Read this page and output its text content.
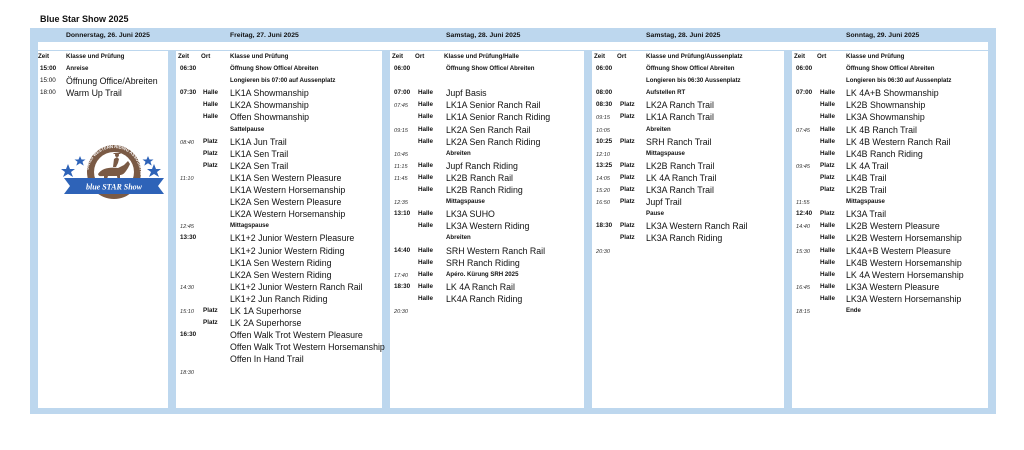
Blue Star Show 2025
Donnerstag, 26. Juni 2025	Freitag, 27. Juni 2025	Samstag, 28. Juni 2025	Samstag, 28. Juni 2025	Sonntag, 29. Juni 2025
Zeit	Klasse und Prüfung
15:00 Anreise
15:00 Öffnung Office/Abreiten
18:00 Warm Up Trail
Zeit Ort	Klasse und Prüfung
06:30	Öffnung Show Office/ Abreiten
Longieren bis 07:00 auf Aussenplatz
07:30 Halle LK1A Showmanship
Halle LK2A Showmanship
Halle Offen Showmanship
Sattelpause
08:40 Platz LK1A Jun Trail
Platz LK1A Sen Trail
Platz LK2A Sen Trail
11:10	LK1A Sen Western Pleasure
LK1A Western Horsemanship
LK2A Sen Western Pleasure
LK2A Western Horsemanship
12:45	Mittagspause
13:30	LK1+2 Junior Western Pleasure
LK1+2 Junior Western Riding
LK1A Sen Western Riding
LK2A Sen Western Riding
14:30	LK1+2 Junior Western Ranch Rail
LK1+2 Jun Ranch Riding
15:10 Platz LK 1A Superhorse
Platz LK 2A Superhorse
16:30	Offen Walk Trot Western Pleasure
Offen Walk Trot Western Horsemanship
Offen In Hand Trail
18:30
Zeit Ort	Klasse und Prüfung/Halle
06:00	Öffnung Show Office/ Abreiten
07:00 Halle Jupf Basis
07:45 Halle LK1A Senior Ranch Rail
Halle LK1A Senior Ranch Riding
09:15 Halle LK2A Sen Ranch Rail
Halle LK2A Sen Ranch Riding
10:45	Abreiten
11:15 Halle Jupf Ranch Riding
11:45 Halle LK2B Ranch Rail
Halle LK2B Ranch Riding
12:35	Mittagspause
13:10 Halle LK3A SUHO
Halle LK3A Western Riding
Abreiten
14:40 Halle SRH Western Ranch Rail
Halle SRH Ranch Riding
17:40 Halle Apéro. Kürung SRH 2025
18:30 Halle LK 4A Ranch Rail
Halle LK4A Ranch Riding
20:30
Zeit Ort	Klasse und Prüfung/Aussenplatz
06:00	Öffnung Show Office/ Abreiten
Longieren bis 06:30 Aussenplatz
08:00	Aufstellen RT
08:30 Platz LK2A Ranch Trail
09:15 Platz LK1A Ranch Trail
10:05	Abreiten
10:25 Platz SRH Ranch Trail
12:10	Mittagspause
13:25 Platz LK2B Ranch Trail
14:05 Platz LK 4A Ranch Trail
15:20 Platz LK3A Ranch Trail
16:50 Platz Jupf Trail
Pause
18:30 Platz LK3A Western Ranch Rail
Platz LK3A Ranch Riding
20:30
Zeit Ort	Klasse und Prüfung
06:00	Öffnung Show Office/ Abreiten
Longieren bis 06:30 auf Aussenplatz
07:00 Halle LK 4A+B Showmanship
Halle LK2B Showmanship
Halle LK3A Showmanship
07:45 Halle LK 4B Ranch Trail
Halle LK 4B Western Ranch Rail
Halle LK4B Ranch Riding
09:45 Platz LK 4A Trail
Platz LK4B Trail
Platz LK2B Trail
11:55	Mittagspause
12:40 Platz LK3A Trail
14:40 Halle LK2B Western Pleasure
Halle LK2B Western Horsemanship
15:30 Halle LK4A+B Western Pleasure
Halle LK4B Western Horsemanship
Halle LK 4A Western Horsemanship
16:45 Halle LK3A Western Pleasure
Halle LK3A Western Horsemanship
18:15	Ende
SWISS WESTERN RIDING ASSOCIATIO
blue STAR Show
